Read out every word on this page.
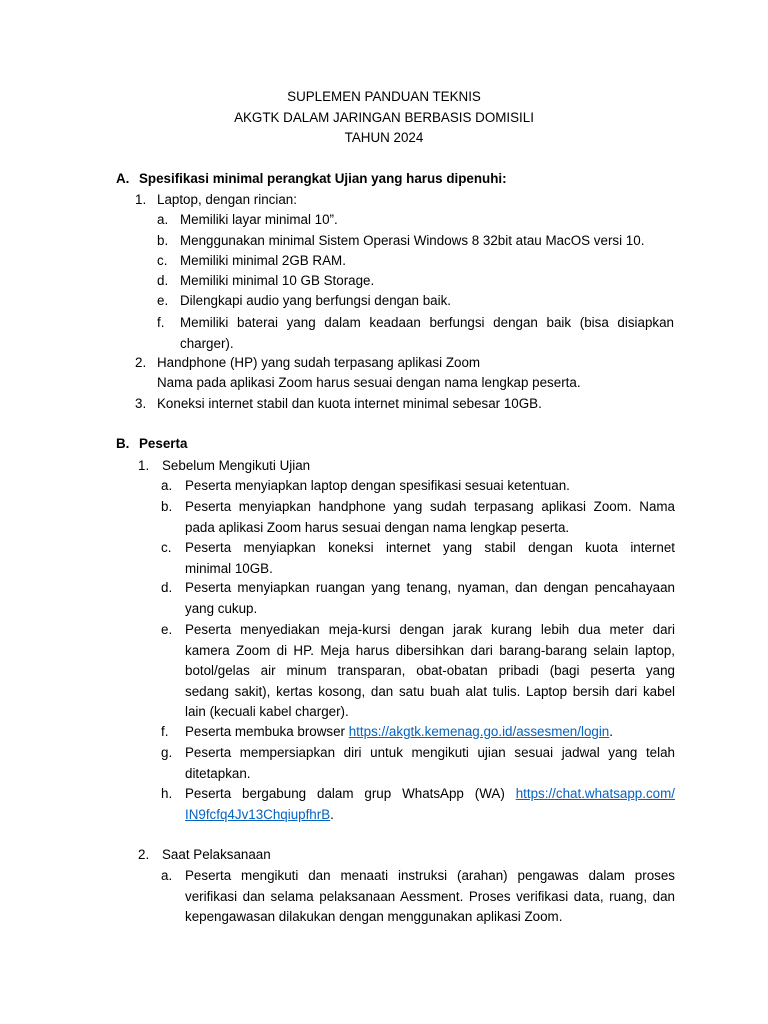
SUPLEMEN PANDUAN TEKNIS
AKGTK DALAM JARINGAN BERBASIS DOMISILI
TAHUN 2024
A. Spesifikasi minimal perangkat Ujian yang harus dipenuhi:
1. Laptop, dengan rincian:
a. Memiliki layar minimal 10”.
b. Menggunakan minimal Sistem Operasi Windows 8 32bit atau MacOS versi 10.
c. Memiliki minimal 2GB RAM.
d. Memiliki minimal 10 GB Storage.
e. Dilengkapi audio yang berfungsi dengan baik.
f. Memiliki baterai yang dalam keadaan berfungsi dengan baik (bisa disiapkan
charger).
2. Handphone (HP) yang sudah terpasang aplikasi Zoom
Nama pada aplikasi Zoom harus sesuai dengan nama lengkap peserta.
3. Koneksi internet stabil dan kuota internet minimal sebesar 10GB.
B. Peserta
1. Sebelum Mengikuti Ujian
a. Peserta menyiapkan laptop dengan spesifikasi sesuai ketentuan.
b. Peserta menyiapkan handphone yang sudah terpasang aplikasi Zoom. Nama
pada aplikasi Zoom harus sesuai dengan nama lengkap peserta.
c. Peserta menyiapkan koneksi internet yang stabil dengan kuota internet
minimal 10GB.
d. Peserta menyiapkan ruangan yang tenang, nyaman, dan dengan pencahayaan
yang cukup.
e. Peserta menyediakan meja-kursi dengan jarak kurang lebih dua meter dari
kamera Zoom di HP. Meja harus dibersihkan dari barang-barang selain laptop,
botol/gelas air minum transparan, obat-obatan pribadi (bagi peserta yang
sedang sakit), kertas kosong, dan satu buah alat tulis. Laptop bersih dari kabel
lain (kecuali kabel charger).
f. Peserta membuka browser https://akgtk.kemenag.go.id/assesmen/login.
g. Peserta mempersiapkan diri untuk mengikuti ujian sesuai jadwal yang telah
ditetapkan.
h. Peserta bergabung dalam grup WhatsApp (WA) https://chat.whatsapp.com/
IN9fcfq4Jv13ChqiupfhrB.
2. Saat Pelaksanaan
a. Peserta mengikuti dan menaati instruksi (arahan) pengawas dalam proses
verifikasi dan selama pelaksanaan Aessment. Proses verifikasi data, ruang, dan
kepengawasan dilakukan dengan menggunakan aplikasi Zoom.
